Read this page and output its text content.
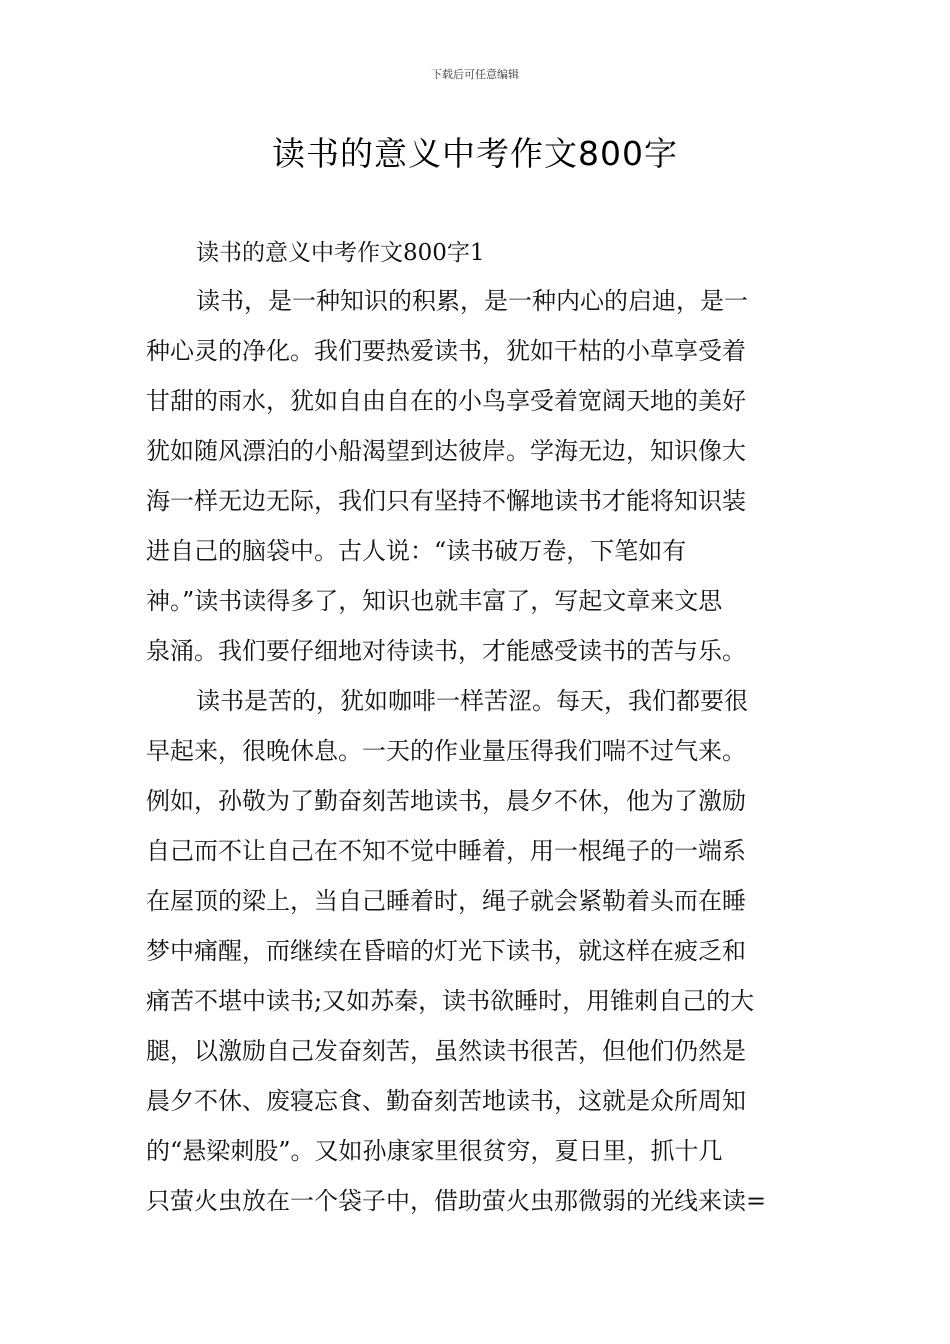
下载后可任意编辑
读书的意义中考作文800字
读书的意义中考作文800字1
读书，是一种知识的积累，是一种内心的启迪，是一
种心灵的净化。我们要热爱读书，犹如干枯的小草享受着
甘甜的雨水，犹如自由自在的小鸟享受着宽阔天地的美好
犹如随风漂泊的小船渴望到达彼岸。学海无边，知识像大
海一样无边无际，我们只有坚持不懈地读书才能将知识装
进自己的脑袋中。古人说：“读书破万卷，下笔如有
神。”读书读得多了，知识也就丰富了，写起文章来文思
泉涌。我们要仔细地对待读书，才能感受读书的苦与乐。
读书是苦的，犹如咖啡一样苦涩。每天，我们都要很
早起来，很晚休息。一天的作业量压得我们喘不过气来。
例如，孙敬为了勤奋刻苦地读书，晨夕不休，他为了激励
自己而不让自己在不知不觉中睡着，用一根绳子的一端系
在屋顶的梁上，当自己睡着时，绳子就会紧勒着头而在睡
梦中痛醒，而继续在昏暗的灯光下读书，就这样在疲乏和
痛苦不堪中读书;又如苏秦，读书欲睡时，用锥刺自己的大
腿，以激励自己发奋刻苦，虽然读书很苦，但他们仍然是
晨夕不休、废寝忘食、勤奋刻苦地读书，这就是众所周知
的“悬梁刺股”。又如孙康家里很贫穷，夏日里，抓十几
只萤火虫放在一个袋子中，借助萤火虫那微弱的光线来读=
